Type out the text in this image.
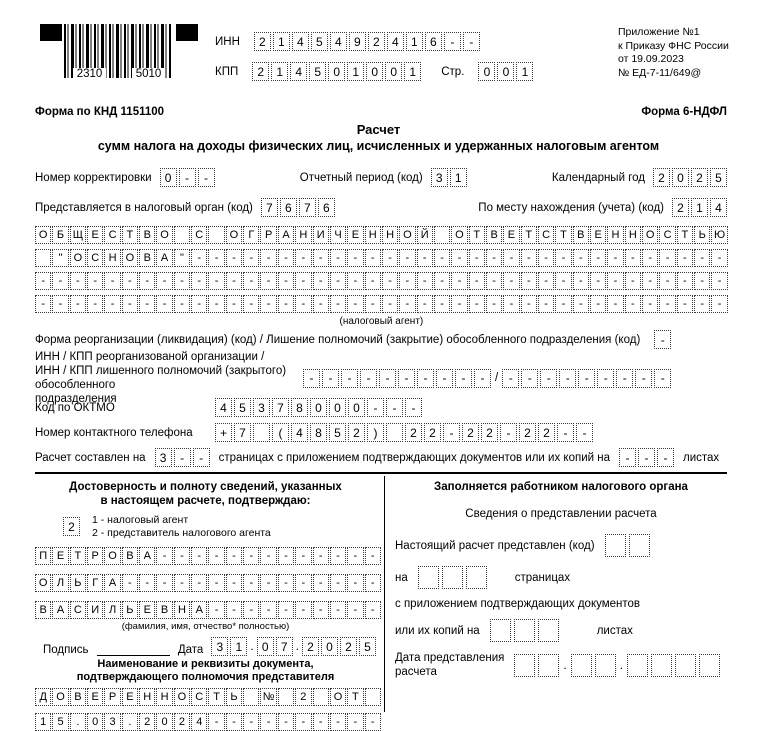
2310	5010
ИНН	2	1	4	5	4	9	2	4	1	6	-	-
КПП	2	1	4	5	0	1	0	0	1	Стр.	0	0	1
Приложение №1
к Приказу ФНС России
от 19.09.2023
№ ЕД-7-11/649@
Форма по КНД 1151100	Форма 6-НДФЛ
Расчет
сумм налога на доходы физических лиц, исчисленных и удержанных налоговым агентом
Номер корректировки	0	-	-	Отчетный период (код)	3	1	Календарный год	2	0	2	5
Представляется в налоговый орган (код)	7	6	7	6	По месту нахождения (учета) (код)	2	1	4
О Б Щ Е С Т В О	С	О Г Р А Н И Ч Е Н Н О Й	О Т В Е Т С Т В Е Н Н О С Т Ь Ю
"	О С Н О В А	"	-	-	-	-	-	-	-	-	-	-	-	-	-	-	-	-	-	-	-	-	-	-	-	-	-	-	-	-	-	-	-
-	-	-	-	-	-	-	-	-	-	-	-	-	-	-	-	-	-	-	-	-	-	-	-	-	-	-	-	-	-	-	-	-	-	-	-	-	-	-	-
-	-	-	-	-	-	-	-	-	-	-	-	-	-	-	-	-	-	-	-	-	-	-	-	-	-	-	-	-	-	-	-	-	-	-	-	-	-	-	-
(налоговый агент)
Форма реорганизации (ликвидация) (код) / Лишение полномочий (закрытие) обособленного подразделения (код)	-
ИНН / КПП реорганизованой организации /
ИНН / КПП лишенного полномочий (закрытого) обособленного
подразделения
-	-	-	-	-	-	-	-	-	- / -	-	-	-	-	-	-	-	-
Код по ОКТМО	4	5	3	7	8	0	0	0	-	-	-
Номер контактного телефона	+	7	(	4	8	5	2	)	2	2	-	2	2	-	2	2	-	-
Расчет составлен на	3	-	-	страницах с приложением подтверждающих документов или их копий на	-	-	-	листах
Достоверность и полноту сведений, указанных
в настоящем расчете, подтверждаю:
2	1 - налоговый агент
2 - представитель налогового агента
П Е Т Р О В А	-	-	-	-	-	-	-	-	-	-	-	-	-
О Л Ь Г А	-	-	-	-	-	-	-	-	-	-	-	-	-	-	-
В А С И Л Ь Е В Н А	-	-	-	-	-	-	-	-	-	-
(фамилия, имя, отчество* полностью)
Подпись	Дата	3	1 . 0	7 . 2	0	2	5
Наименование и реквизиты документа,
подтверждающего полномочия представителя
Д О В Е Р Е Н Н О С Т Ь	№	2	О Т
1	5	.	0	3	.	2	0	2	4	-	-	-	-	-	-	-	-	-	-
Заполняется работником налогового органа
Сведения о представлении расчета
Настоящий расчет представлен (код)
на	страницах
с приложением подтверждающих документов
или их копий на	листах
Дата представления
расчета
.	.
